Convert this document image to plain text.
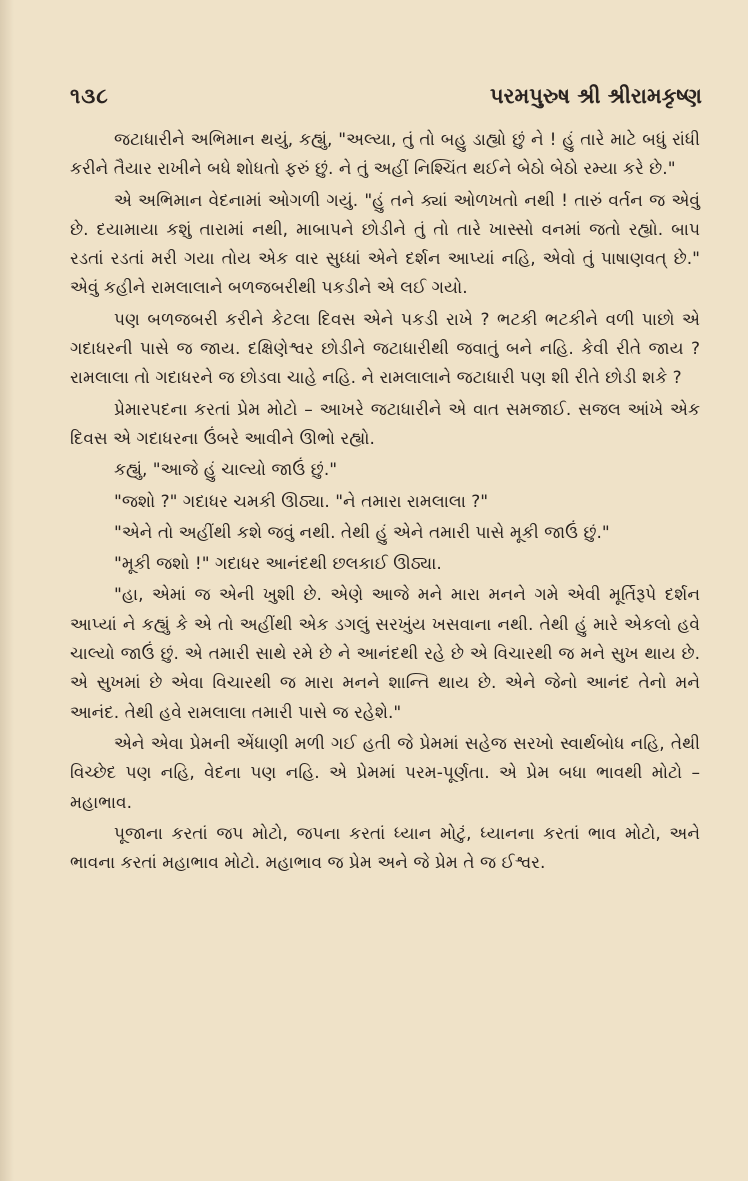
૧૩૮	પરમપુરુષ શ્રી શ્રીરામકૃષ્ણ

જટાધારીને અભિમાન થયું, કહ્યું, "અલ્યા, તું તો બહુ ડાહ્યો છું ને ! હું તારે માટે બધું રાંધી કરીને તૈયાર રાખીને બધે શોધતો ફરું છું. ને તું અહીં નિશ્ચિંત થઈને બેઠો બેઠો રમ્યા કરે છે."

એ અભિમાન વેદનામાં ઓગળી ગયું. "હું તને ક્યાં ઓળખતો નથી ! તારું વર્તન જ એવું છે. દયામાયા કશું તારામાં નથી, માબાપને છોડીને તું તો તારે ખાસ્સો વનમાં જતો રહ્યો. બાપ રડતાં રડતાં મરી ગયા તોય એક વાર સુધ્ધાં એને દર્શન આપ્યાં નહિ, એવો તું પાષાણવત્ છે." એવું કહીને રામલાલાને બળજબરીથી પકડીને એ લઈ ગયો.

પણ બળજબરી કરીને કેટલા દિવસ એને પકડી રાખે ? ભટકી ભટકીને વળી પાછો એ ગદાધરની પાસે જ જાય. દક્ષિણેશ્વર છોડીને જટાધારીથી જવાતું બને નહિ. કેવી રીતે જાય ? રામલાલા તો ગદાધરને જ છોડવા ચાહે નહિ. ને રામલાલાને જટાધારી પણ શી રીતે છોડી શકે ?

પ્રેમારપદના કરતાં પ્રેમ મોટો – આખરે જટાધારીને એ વાત સમજાઈ. સજલ આંખે એક દિવસ એ ગદાધરના ઉંબરે આવીને ઊભો રહ્યો.

કહ્યું, "આજે હું ચાલ્યો જાઉં છું."

"જશો ?" ગદાધર ચમકી ઊઠ્યા. "ને તમારા રામલાલા ?"

"એને તો અહીંથી કશે જવું નથી. તેથી હું એને તમારી પાસે મૂકી જાઉં છું."

"મૂકી જશો !" ગદાધર આનંદથી છલકાઈ ઊઠ્યા.

"હા, એમાં જ એની ખુશી છે. એણે આજે મને મારા મનને ગમે એવી મૂર્તિરૂપે દર્શન આપ્યાં ને કહ્યું કે એ તો અહીંથી એક ડગલું સરખુંય ખસવાના નથી. તેથી હું મારે એકલો હવે ચાલ્યો જાઉં છું. એ તમારી સાથે રમે છે ને આનંદથી રહે છે એ વિચારથી જ મને સુખ થાય છે. એ સુખમાં છે એવા વિચારથી જ મારા મનને શાન્તિ થાય છે. એને જેનો આનંદ તેનો મને આનંદ. તેથી હવે રામલાલા તમારી પાસે જ રહેશે."

એને એવા પ્રેમની એંધાણી મળી ગઈ હતી જે પ્રેમમાં સહેજ સરખો સ્વાર્થબોધ નહિ, તેથી વિચ્છેદ પણ નહિ, વેદના પણ નહિ. એ પ્રેમમાં પરમ-પૂર્ણતા. એ પ્રેમ બધા ભાવથી મોટો – મહાભાવ.

પૂજાના કરતાં જપ મોટો, જપના કરતાં ધ્યાન મોટું, ધ્યાનના કરતાં ભાવ મોટો, અને ભાવના કરતાં મહાભાવ મોટો. મહાભાવ જ પ્રેમ અને જે પ્રેમ તે જ ઈશ્વર.
